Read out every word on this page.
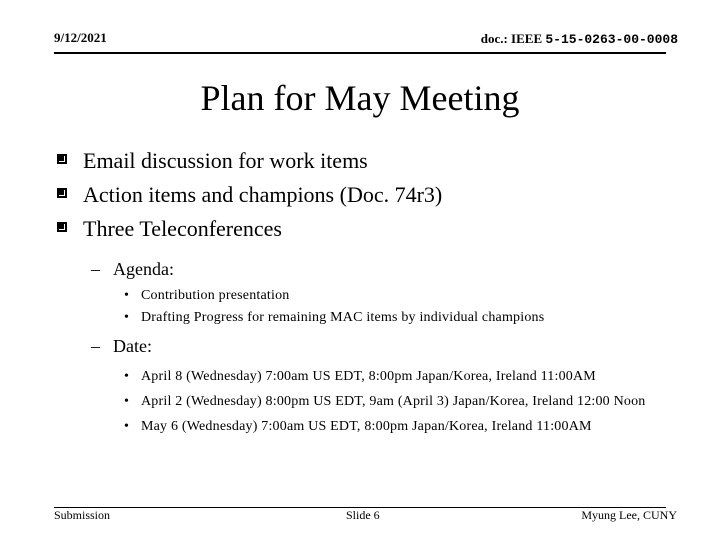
9/12/2021	doc.: IEEE 5-15-0263-00-0008
Plan for May Meeting
Email discussion for work items
Action items and champions (Doc. 74r3)
Three Teleconferences
– Agenda:
• Contribution presentation
• Drafting Progress for remaining MAC items by individual champions
– Date:
• April 8 (Wednesday) 7:00am US EDT, 8:00pm Japan/Korea, Ireland 11:00AM
• April 2 (Wednesday) 8:00pm US EDT, 9am (April 3) Japan/Korea, Ireland 12:00 Noon
• May 6 (Wednesday) 7:00am US EDT, 8:00pm Japan/Korea, Ireland 11:00AM
Submission	Slide 6	Myung Lee, CUNY
